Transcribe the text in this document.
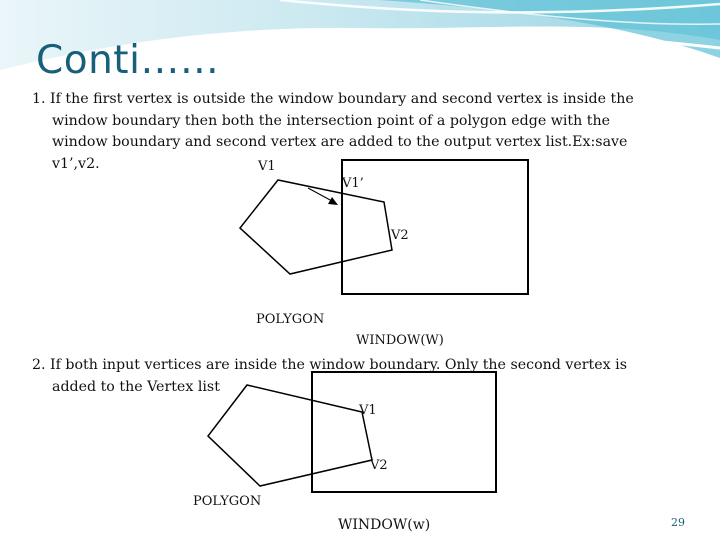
Conti……

1. If the first vertex is outside the window boundary and second vertex is inside the
window boundary then both the intersection point of a polygon edge with the
window boundary and second vertex are added to the output vertex list.Ex:save
v1’,v2.	V1
V1’
V2
POLYGON
WINDOW(W)

2. If both input vertices are inside the window boundary. Only the second vertex is
added to the Vertex list

V1
V2
POLYGON
WINDOW(w)	29
